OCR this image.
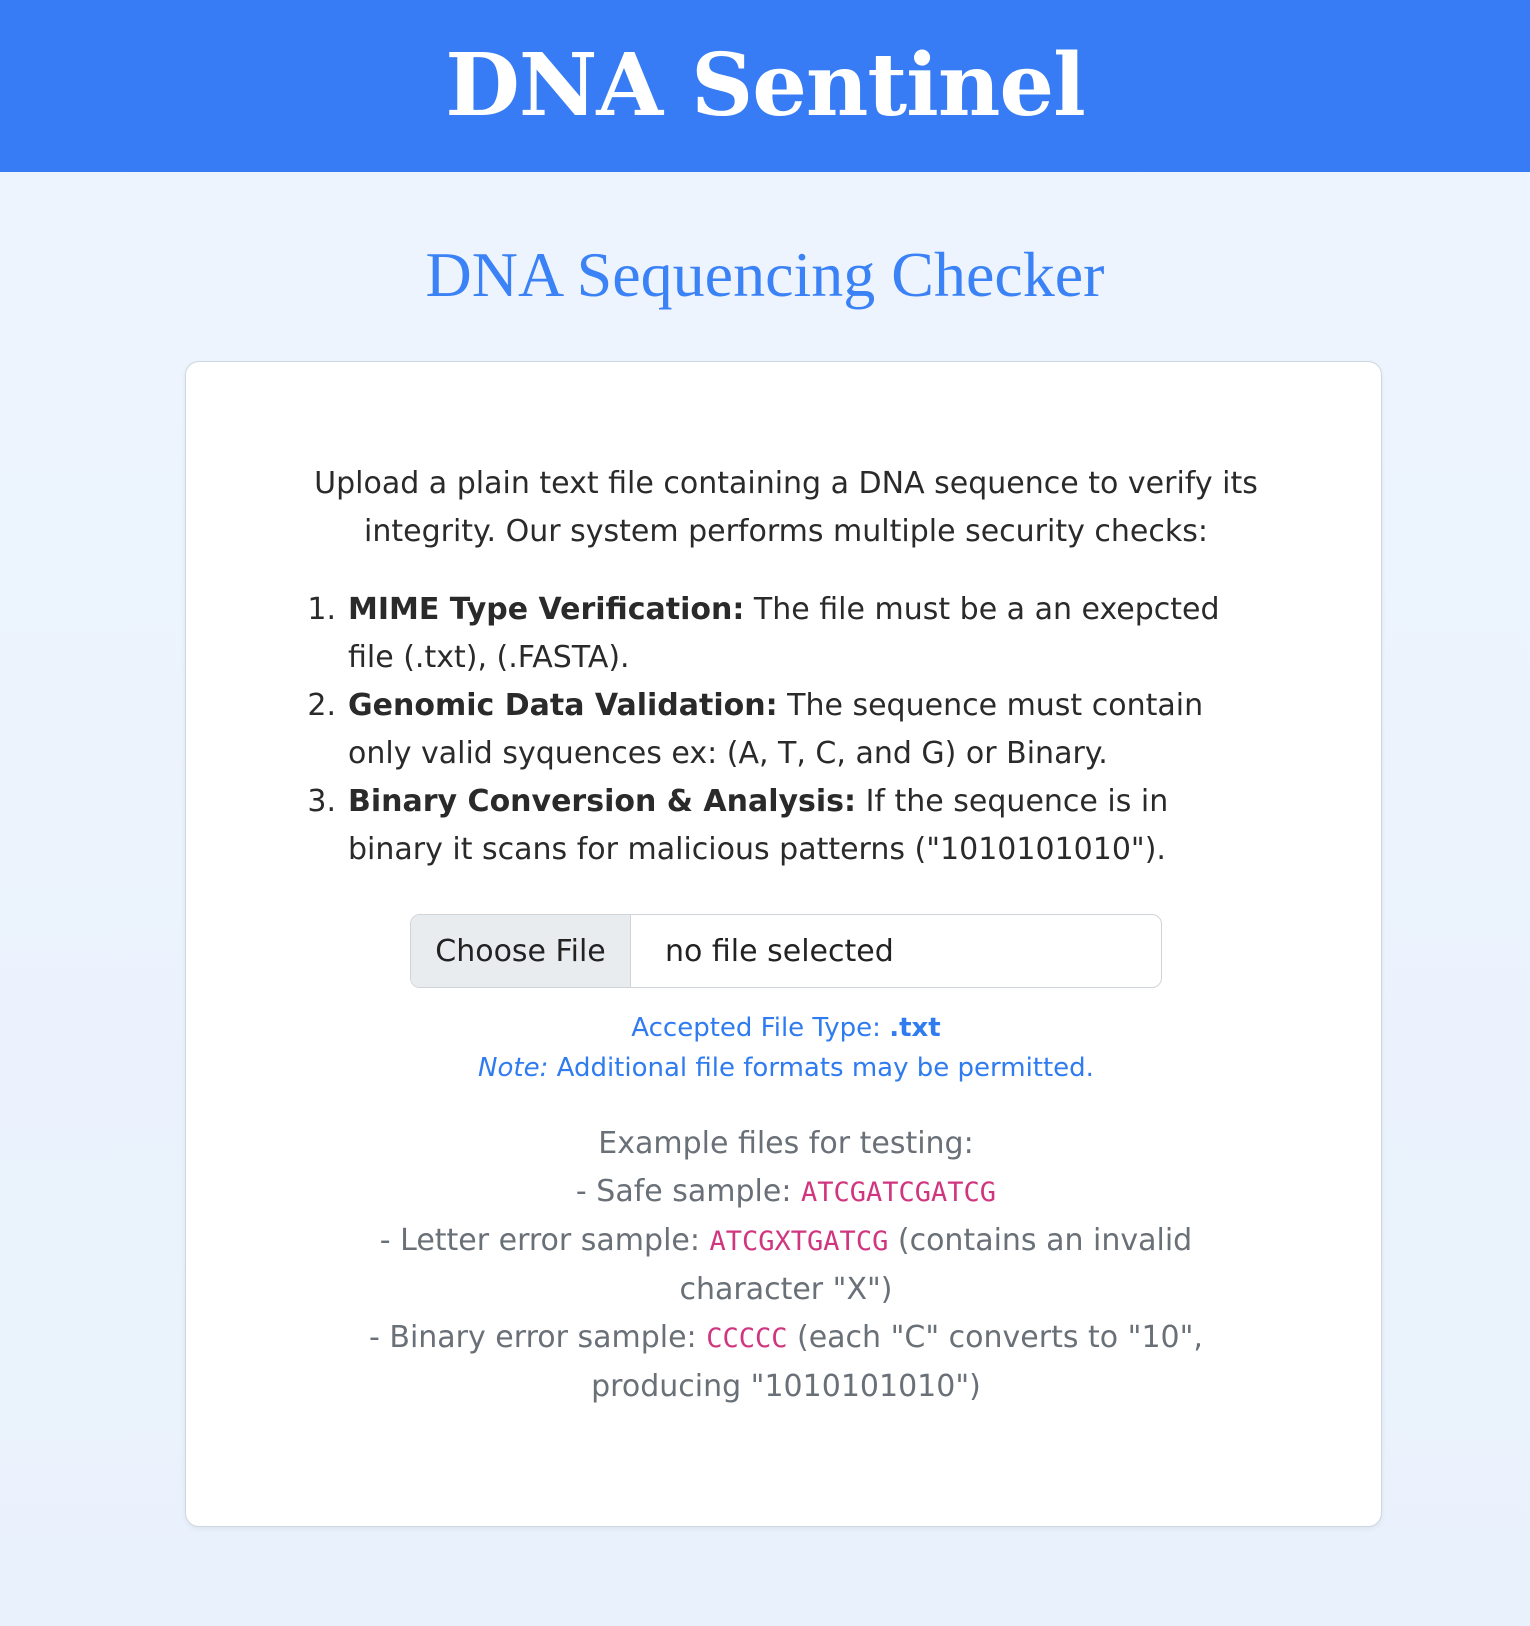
DNA Sentinel
DNA Sequencing Checker

Upload a plain text file containing a DNA sequence to verify its integrity. Our system performs multiple security checks:

1. MIME Type Verification: The file must be a an exepcted file (.txt), (.FASTA).
2. Genomic Data Validation: The sequence must contain only valid syquences ex: (A, T, C, and G) or Binary.
3. Binary Conversion & Analysis: If the sequence is in binary it scans for malicious patterns ("1010101010").
Choose File	no file selected
Accepted File Type: .txt
Note: Additional file formats may be permitted.
Example files for testing:
- Safe sample: ATCGATCGATCG
- Letter error sample: ATCGXTGATCG (contains an invalid character "X")
- Binary error sample: CCCCC (each "C" converts to "10", producing "1010101010")
